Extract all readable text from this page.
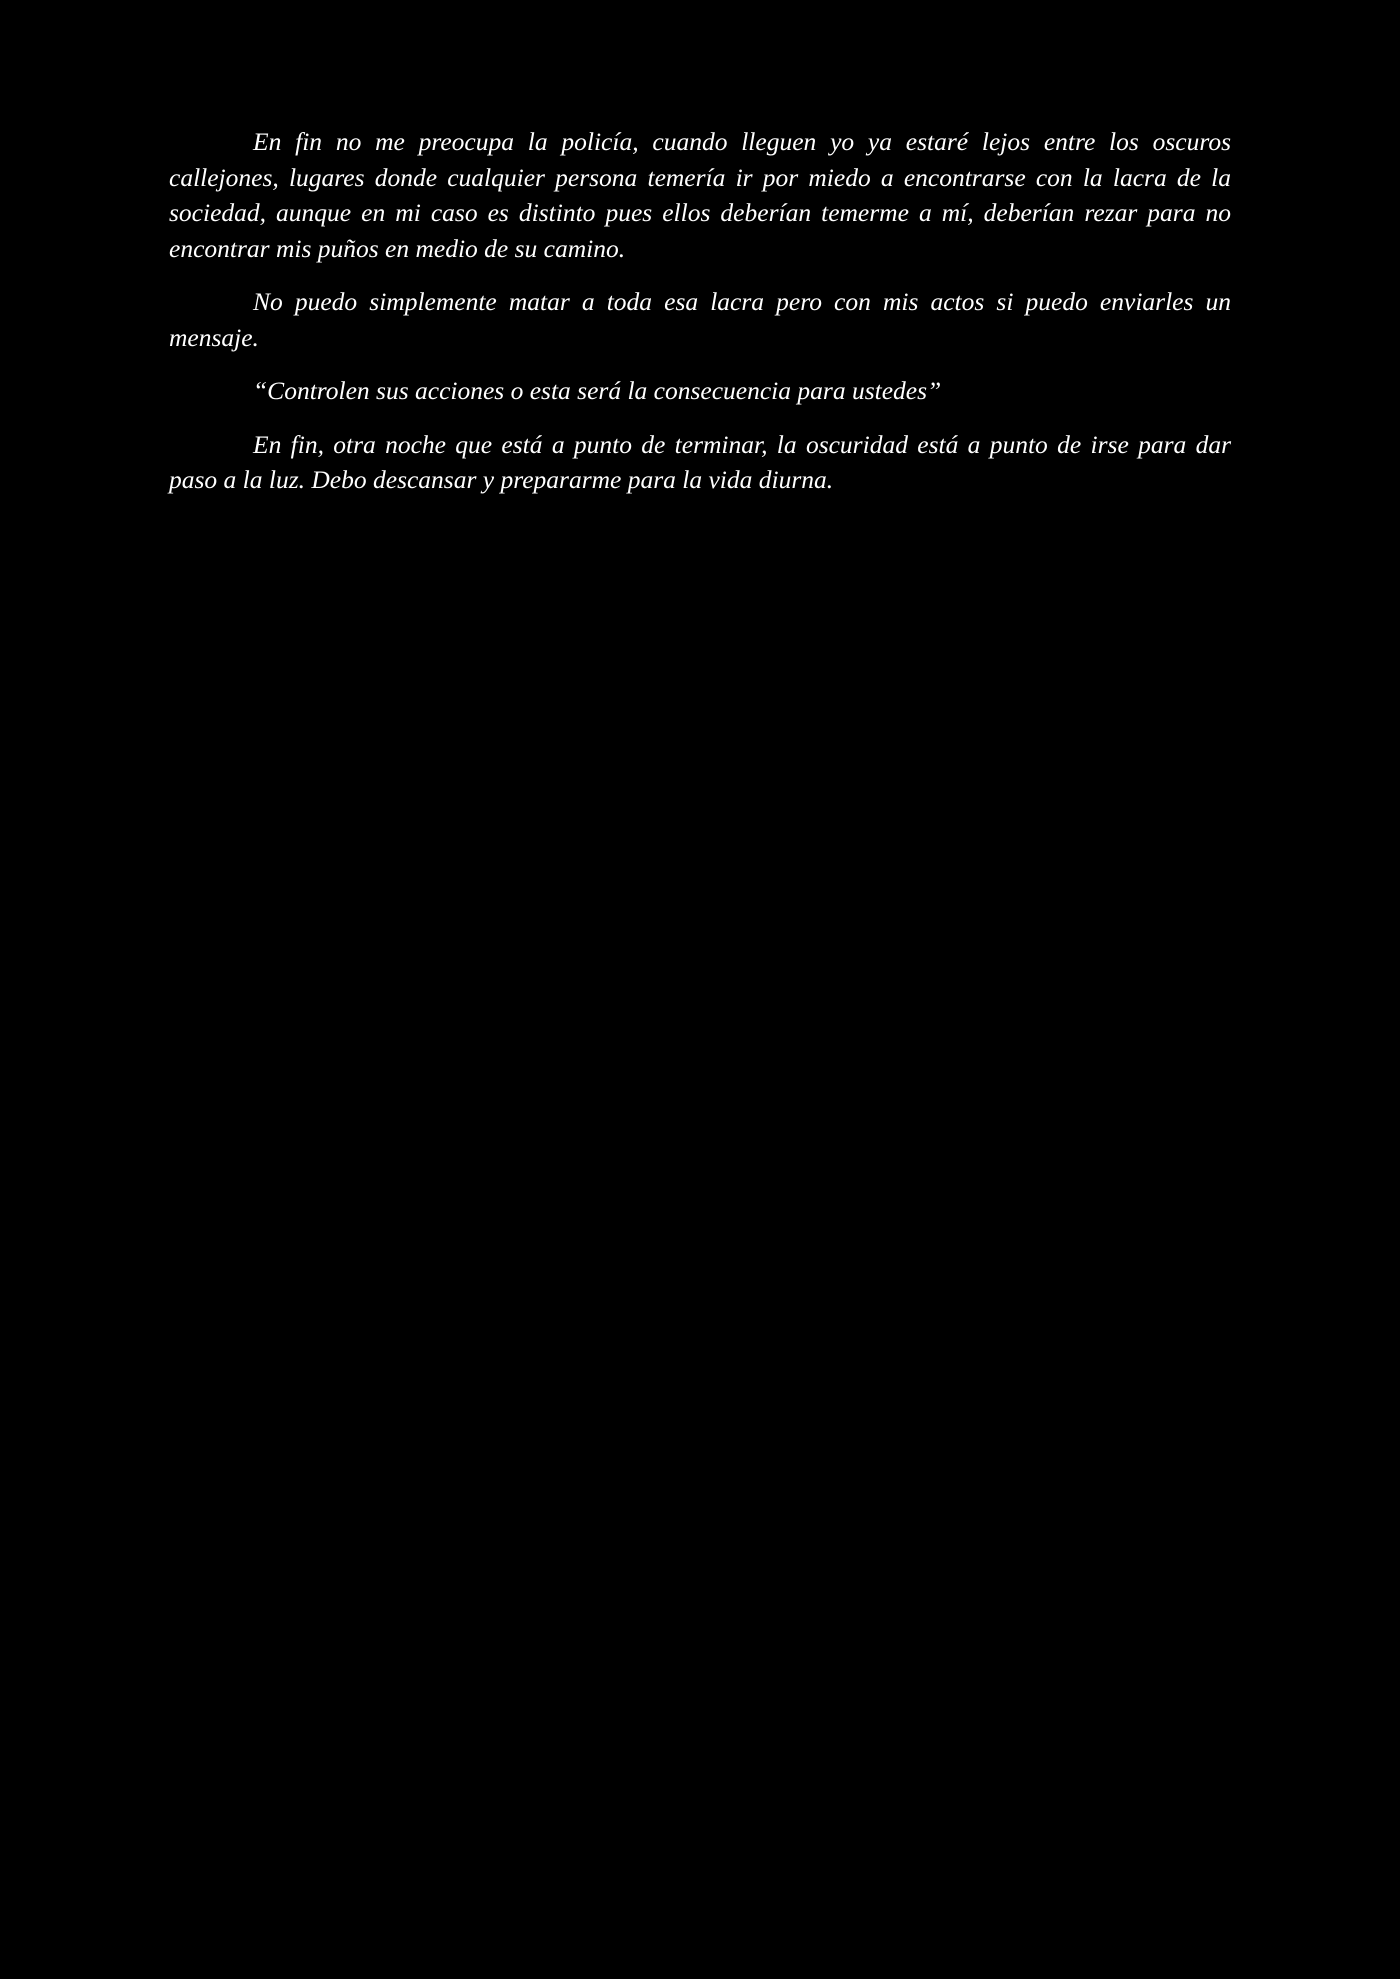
En fin no me preocupa la policía, cuando lleguen yo ya estaré lejos entre los oscuros callejones, lugares donde cualquier persona temería ir por miedo a encontrarse con la lacra de la sociedad, aunque en mi caso es distinto pues ellos deberían temerme a mí, deberían rezar para no encontrar mis puños en medio de su camino.

No puedo simplemente matar a toda esa lacra pero con mis actos si puedo enviarles un mensaje.

“Controlen sus acciones o esta será la consecuencia para ustedes”

En fin, otra noche que está a punto de terminar, la oscuridad está a punto de irse para dar paso a la luz. Debo descansar y prepararme para la vida diurna.
